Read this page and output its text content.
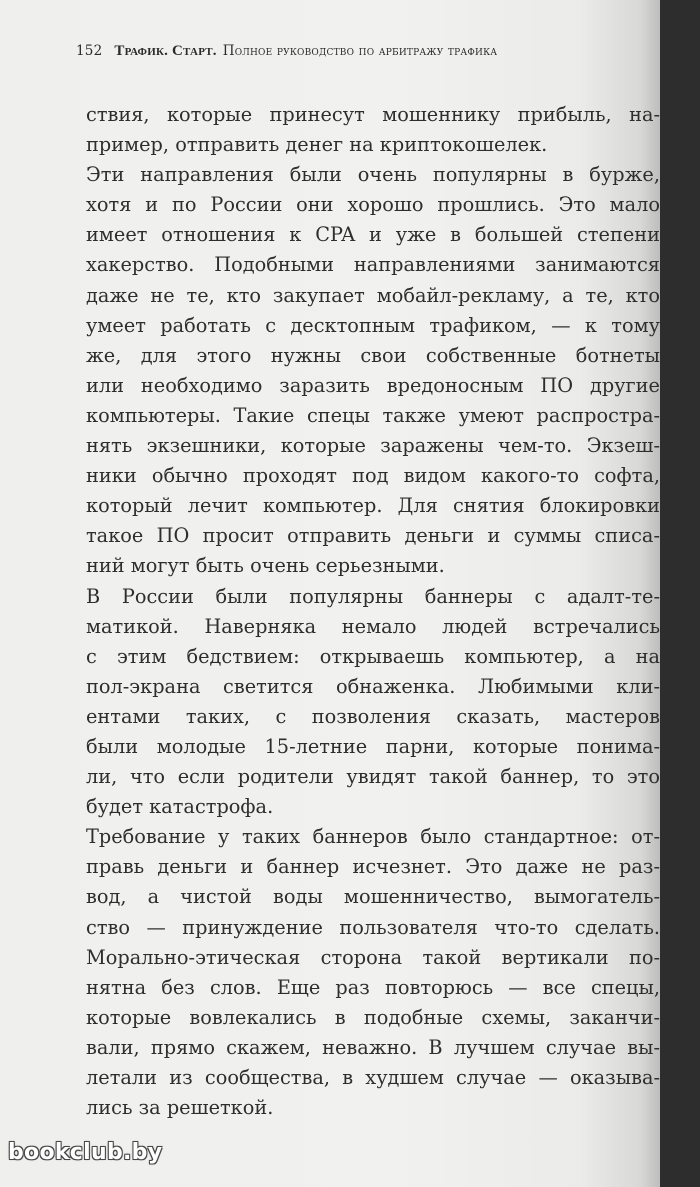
152 Трафик. Старт. Полное руководство по арбитражу трафика
ствия, которые принесут мошеннику прибыль, на-
пример, отправить денег на криптокошелек.
Эти направления были очень популярны в бурже,
хотя и по России они хорошо прошлись. Это мало
имеет отношения к CPA и уже в большей степени
хакерство. Подобными направлениями занимаются
даже не те, кто закупает мобайл-рекламу, а те, кто
умеет работать с десктопным трафиком, — к тому
же, для этого нужны свои собственные ботнеты
или необходимо заразить вредоносным ПО другие
компьютеры. Такие спецы также умеют распростра-
нять экзешники, которые заражены чем-то. Экзеш-
ники обычно проходят под видом какого-то софта,
который лечит компьютер. Для снятия блокировки
такое ПО просит отправить деньги и суммы списа-
ний могут быть очень серьезными.
В России были популярны баннеры с адалт-те-
матикой. Наверняка немало людей встречались
с этим бедствием: открываешь компьютер, а на
пол-экрана светится обнаженка. Любимыми кли-
ентами таких, с позволения сказать, мастеров
были молодые 15-летние парни, которые понима-
ли, что если родители увидят такой баннер, то это
будет катастрофа.
Требование у таких баннеров было стандартное: от-
правь деньги и баннер исчезнет. Это даже не раз-
вод, а чистой воды мошенничество, вымогатель-
ство — принуждение пользователя что-то сделать.
Морально-этическая сторона такой вертикали по-
нятна без слов. Еще раз повторюсь — все спецы,
которые вовлекались в подобные схемы, заканчи-
вали, прямо скажем, неважно. В лучшем случае вы-
летали из сообщества, в худшем случае — оказыва-
лись за решеткой.
bookclub.by
